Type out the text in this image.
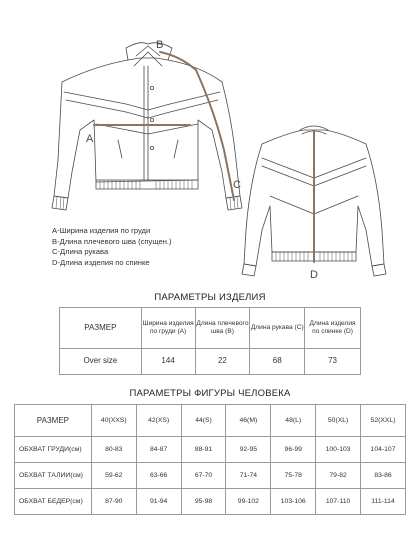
A
B
C
D
A-Ширина изделия по груди
B-Длина плечевого шва (спущен.)
C-Длина рукава
D-Длина изделия по спинке
ПАРАМЕТРЫ ИЗДЕЛИЯ
РАЗМЕР	Ширина изделия по груди (A)	Длина плечевого шва (B)	Длина рукава (C)	Длина изделия по спинке (D)
Over size	144	22	68	73
ПАРАМЕТРЫ ФИГУРЫ ЧЕЛОВЕКА
РАЗМЕР	40(XXS)	42(XS)	44(S)	46(M)	48(L)	50(XL)	52(XXL)
ОБХВАТ ГРУДИ(см)	80-83	84-87	88-91	92-95	96-99	100-103	104-107
ОБХВАТ ТАЛИИ(см)	59-62	63-66	67-70	71-74	75-78	79-82	83-86
ОБХВАТ БЕДЕР(см)	87-90	91-94	95-98	99-102	103-106	107-110	111-114
